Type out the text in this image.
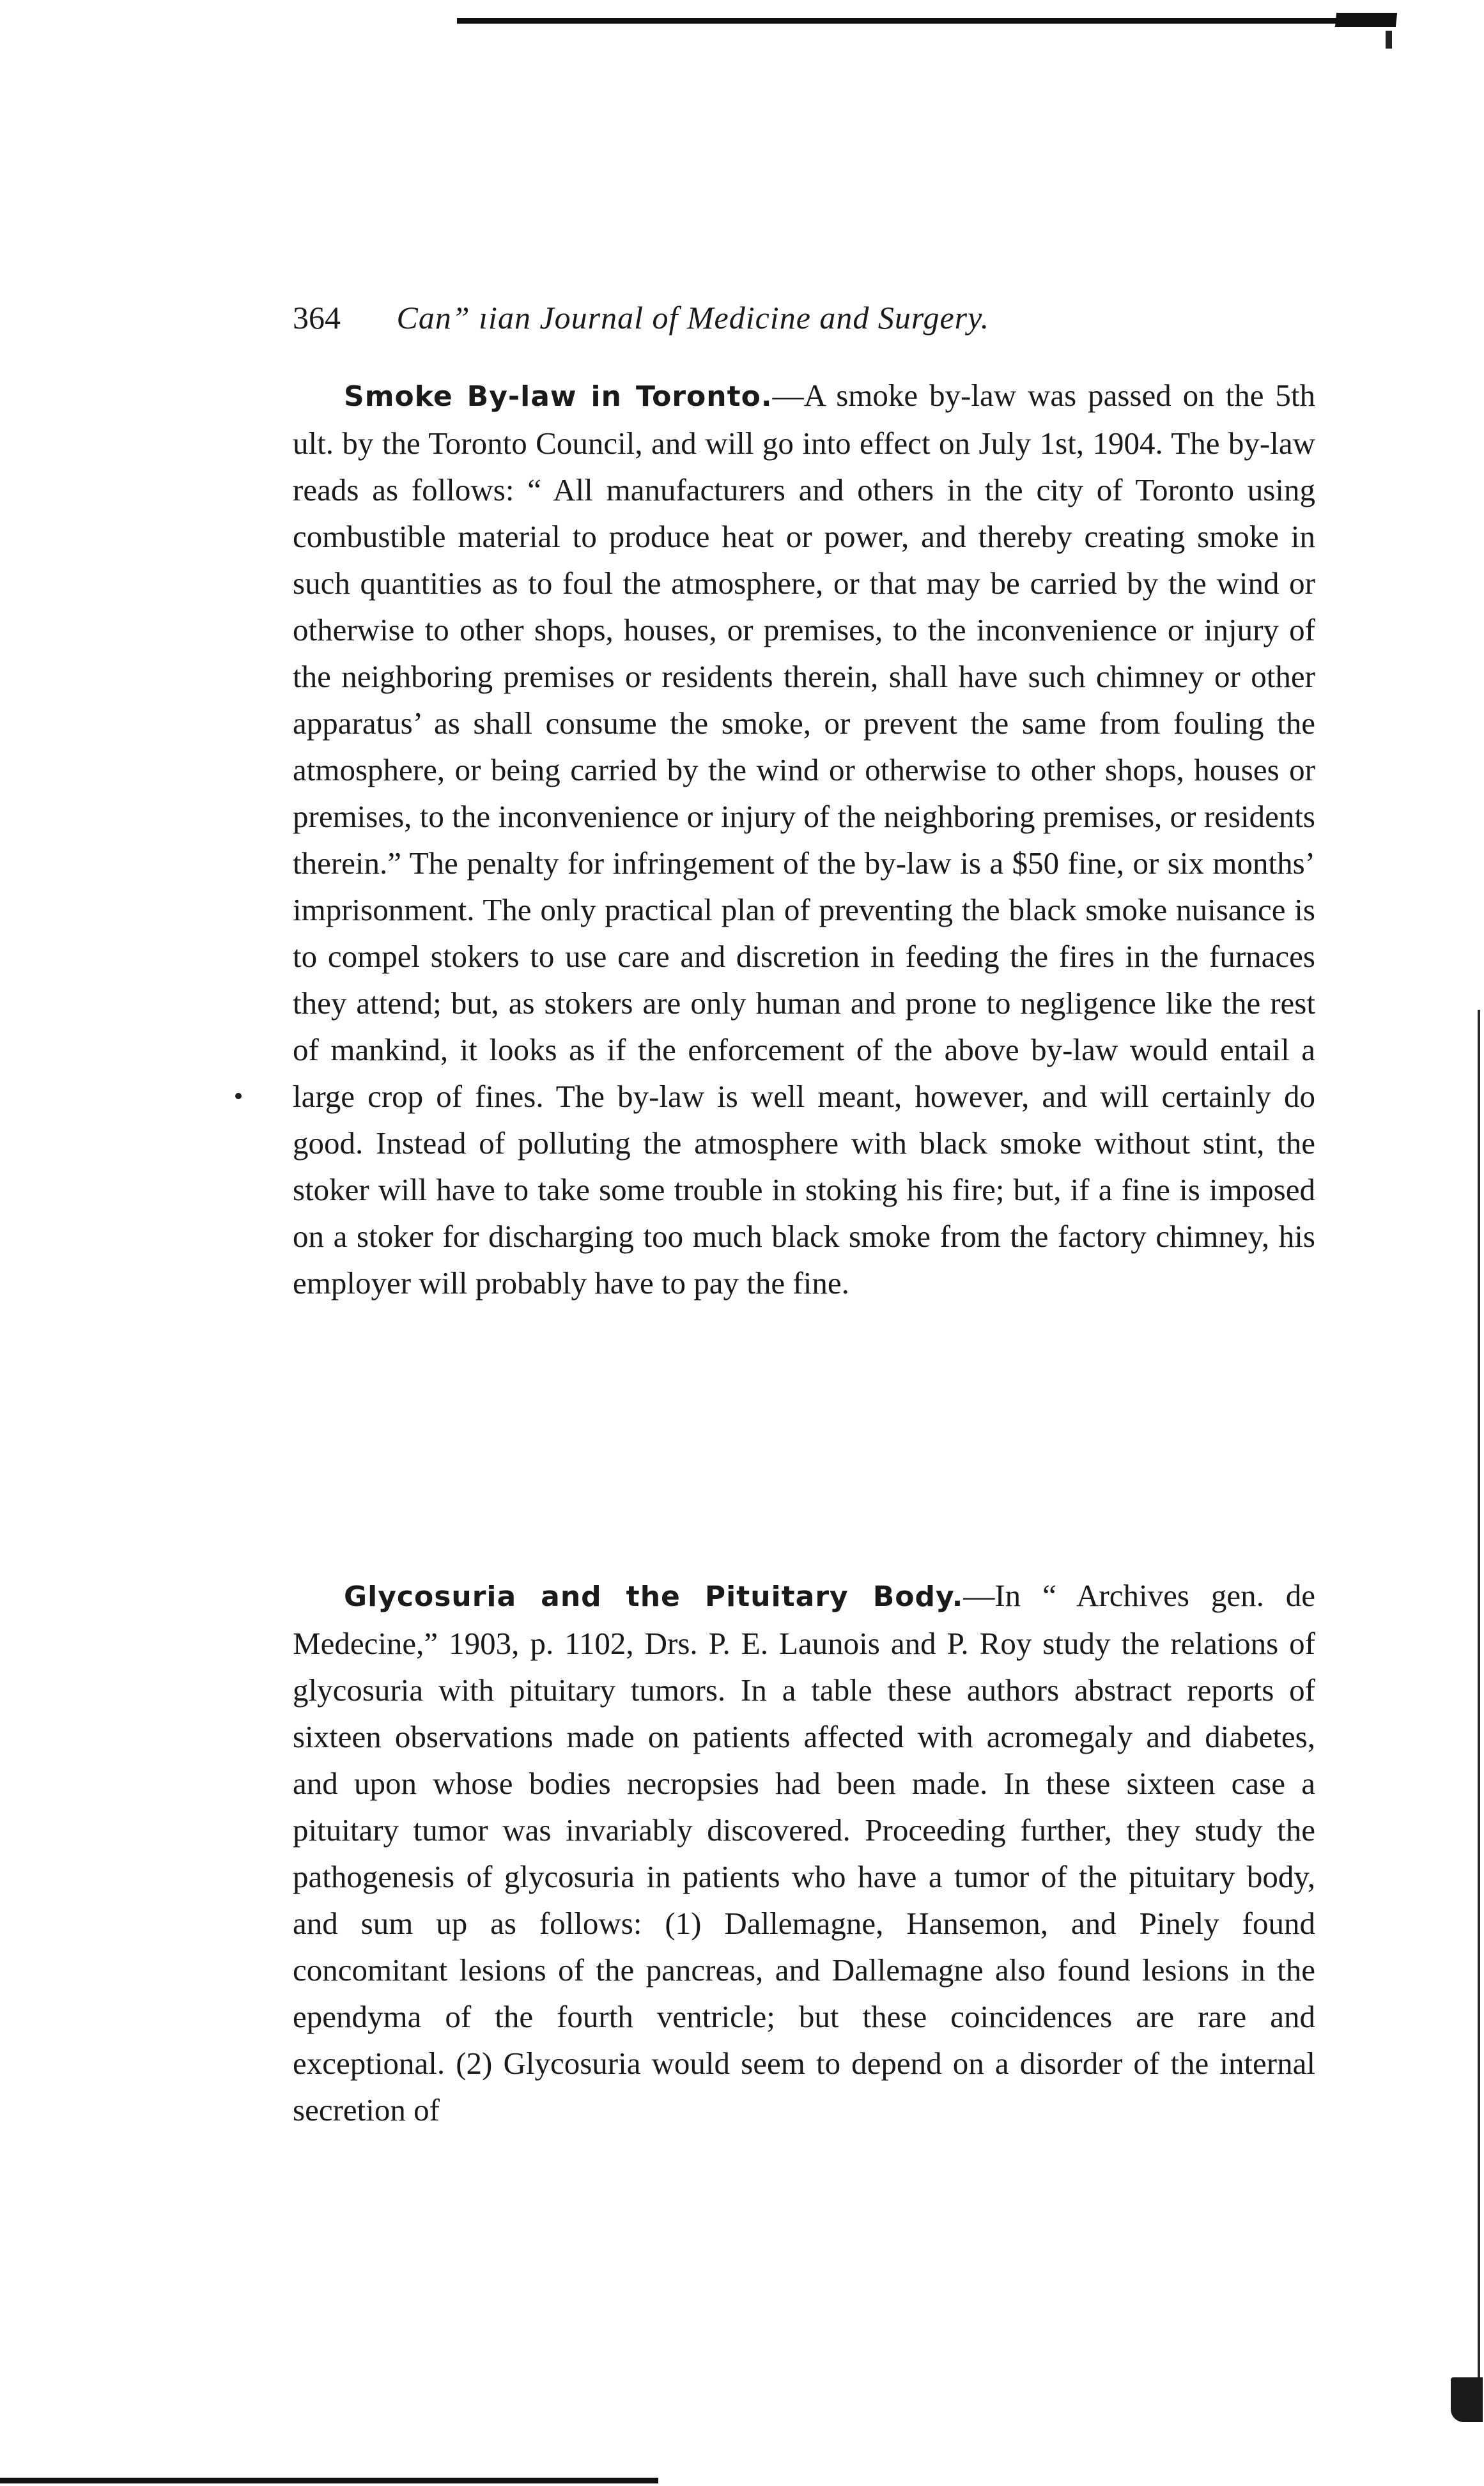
364 Can” ıian Journal of Medicine and Surgery.

Smoke By-law in Toronto.—A smoke by-law was passed on the 5th ult. by the Toronto Council, and will go into effect on July 1st, 1904. The by-law reads as follows: “ All manufacturers and others in the city of Toronto using combustible material to produce heat or power, and thereby creating smoke in such quantities as to foul the atmosphere, or that may be carried by the wind or otherwise to other shops, houses, or premises, to the inconvenience or injury of the neighboring premises or residents therein, shall have such chimney or other apparatus’ as shall consume the smoke, or prevent the same from fouling the atmosphere, or being carried by the wind or otherwise to other shops, houses or premises, to the inconvenience or injury of the neighboring premises, or residents therein.” The penalty for infringement of the by-law is a $50 fine, or six months’ imprisonment. The only practical plan of preventing the black smoke nuisance is to compel stokers to use care and discretion in feeding the fires in the furnaces they attend; but, as stokers are only human and prone to negligence like the rest of mankind, it looks as if the enforcement of the above by-law would entail a large crop of fines. The by-law is well meant, however, and will certainly do good. Instead of polluting the atmosphere with black smoke without stint, the stoker will have to take some trouble in stoking his fire; but, if a fine is imposed on a stoker for discharging too much black smoke from the factory chimney, his employer will probably have to pay the fine.

Glycosuria and the Pituitary Body.—In “ Archives gen. de Medecine,” 1903, p. 1102, Drs. P. E. Launois and P. Roy study the relations of glycosuria with pituitary tumors. In a table these authors abstract reports of sixteen observations made on patients affected with acromegaly and diabetes, and upon whose bodies necropsies had been made. In these sixteen case a pituitary tumor was invariably discovered. Proceeding further, they study the pathogenesis of glycosuria in patients who have a tumor of the pituitary body, and sum up as follows: (1) Dallemagne, Hansemon, and Pinely found concomitant lesions of the pancreas, and Dallemagne also found lesions in the ependyma of the fourth ventricle; but these coincidences are rare and exceptional. (2) Glycosuria would seem to depend on a disorder of the internal secretion of
